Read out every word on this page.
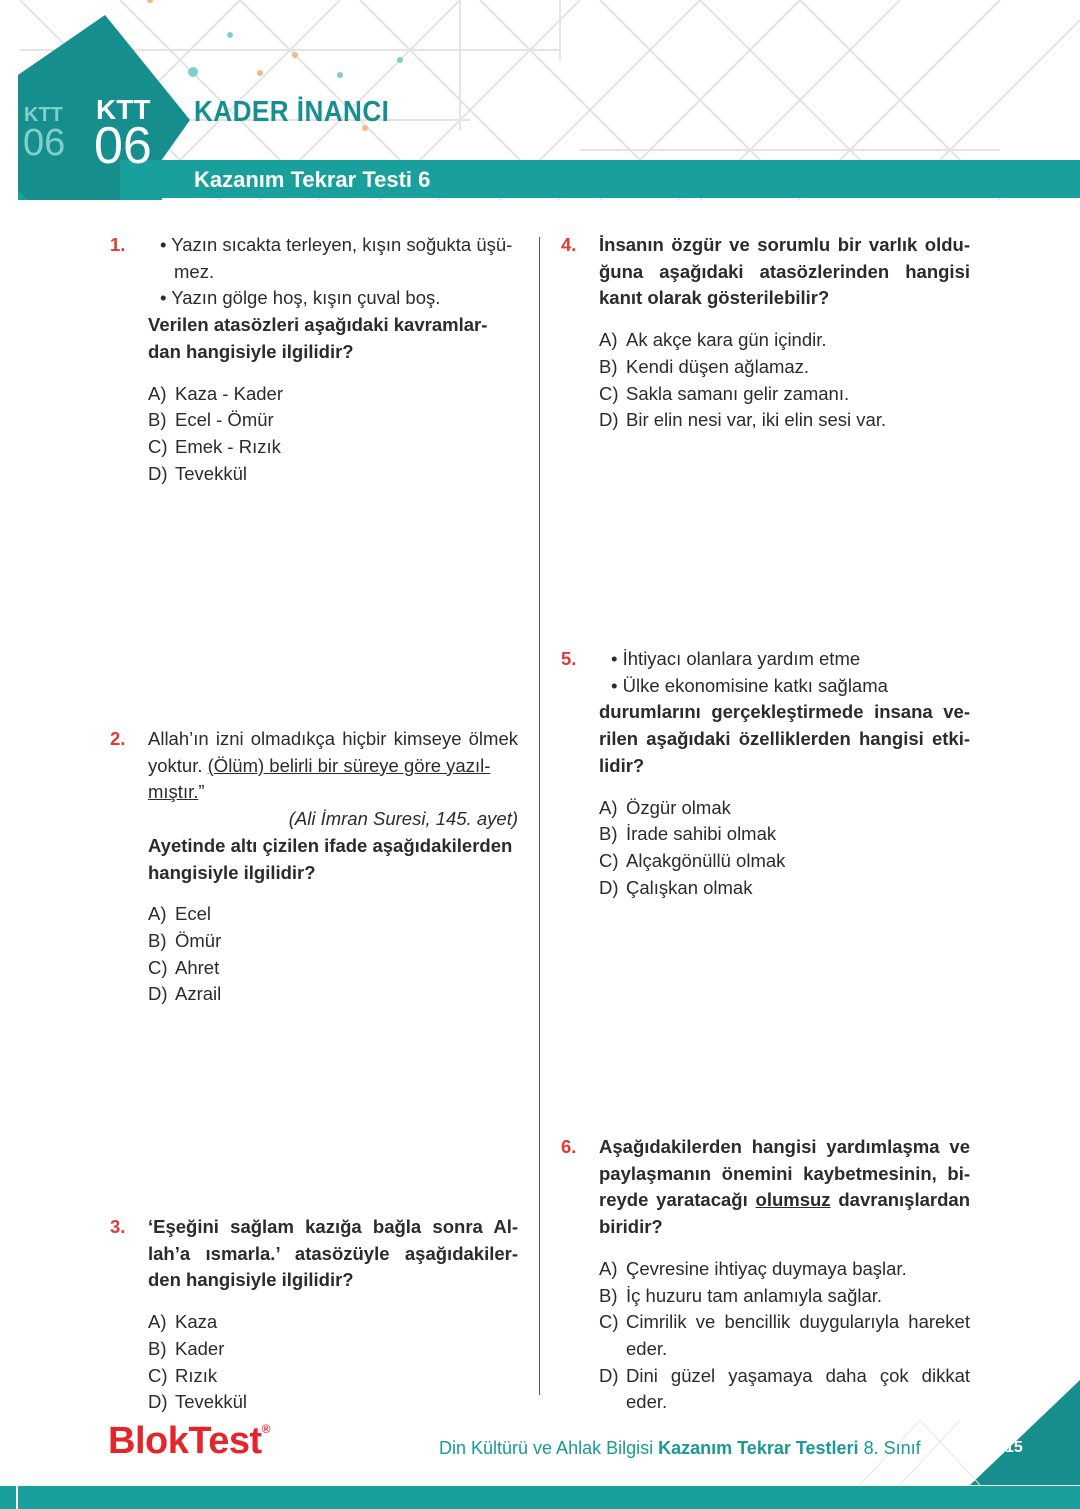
Kazanım Tekrar Testi 6
KTT
06
KTT
06
KADER İNANCI
1.	• Yazın sıcakta terleyen, kışın soğukta üşü-
mez.
• Yazın gölge hoş, kışın çuval boş.
Verilen atasözleri aşağıdaki kavramlar-
dan hangisiyle ilgilidir?
A) Kaza - Kader
B) Ecel - Ömür
C) Emek - Rızık
D) Tevekkül
2. Allah’ın izni olmadıkça hiçbir kimseye ölmek yoktur. (Ölüm) belirli bir süreye göre yazıl-
mıştır.”
(Ali İmran Suresi, 145. ayet)
Ayetinde altı çizilen ifade aşağıdakilerden
hangisiyle ilgilidir?
A) Ecel
B) Ömür
C) Ahret
D) Azrail
3. ‘Eşeğini sağlam kazığa bağla sonra Al-
lah’a ısmarla.’ atasözüyle aşağıdakiler-
den hangisiyle ilgilidir?
A) Kaza
B) Kader
C) Rızık
D) Tevekkül
4. İnsanın özgür ve sorumlu bir varlık oldu-
ğuna aşağıdaki atasözlerinden hangisi
kanıt olarak gösterilebilir?
A) Ak akçe kara gün içindir.
B) Kendi düşen ağlamaz.
C) Sakla samanı gelir zamanı.
D) Bir elin nesi var, iki elin sesi var.
5.	• İhtiyacı olanlara yardım etme
• Ülke ekonomisine katkı sağlama
durumlarını gerçekleştirmede insana ve-
rilen aşağıdaki özelliklerden hangisi etki-
lidir?
A) Özgür olmak
B) İrade sahibi olmak
C) Alçakgönüllü olmak
D) Çalışkan olmak
6. Aşağıdakilerden hangisi yardımlaşma ve
paylaşmanın önemini kaybetmesinin, bi-
reyde yaratacağı olumsuz davranışlardan
biridir?
A) Çevresine ihtiyaç duymaya başlar.
B) İç huzuru tam anlamıyla sağlar.
C) Cimrilik ve bencillik duygularıyla hareket eder.
D) Dini güzel yaşamaya daha çok dikkat eder.
15
BlokTest®
Din Kültürü ve Ahlak Bilgisi Kazanım Tekrar Testleri 8. Sınıf
